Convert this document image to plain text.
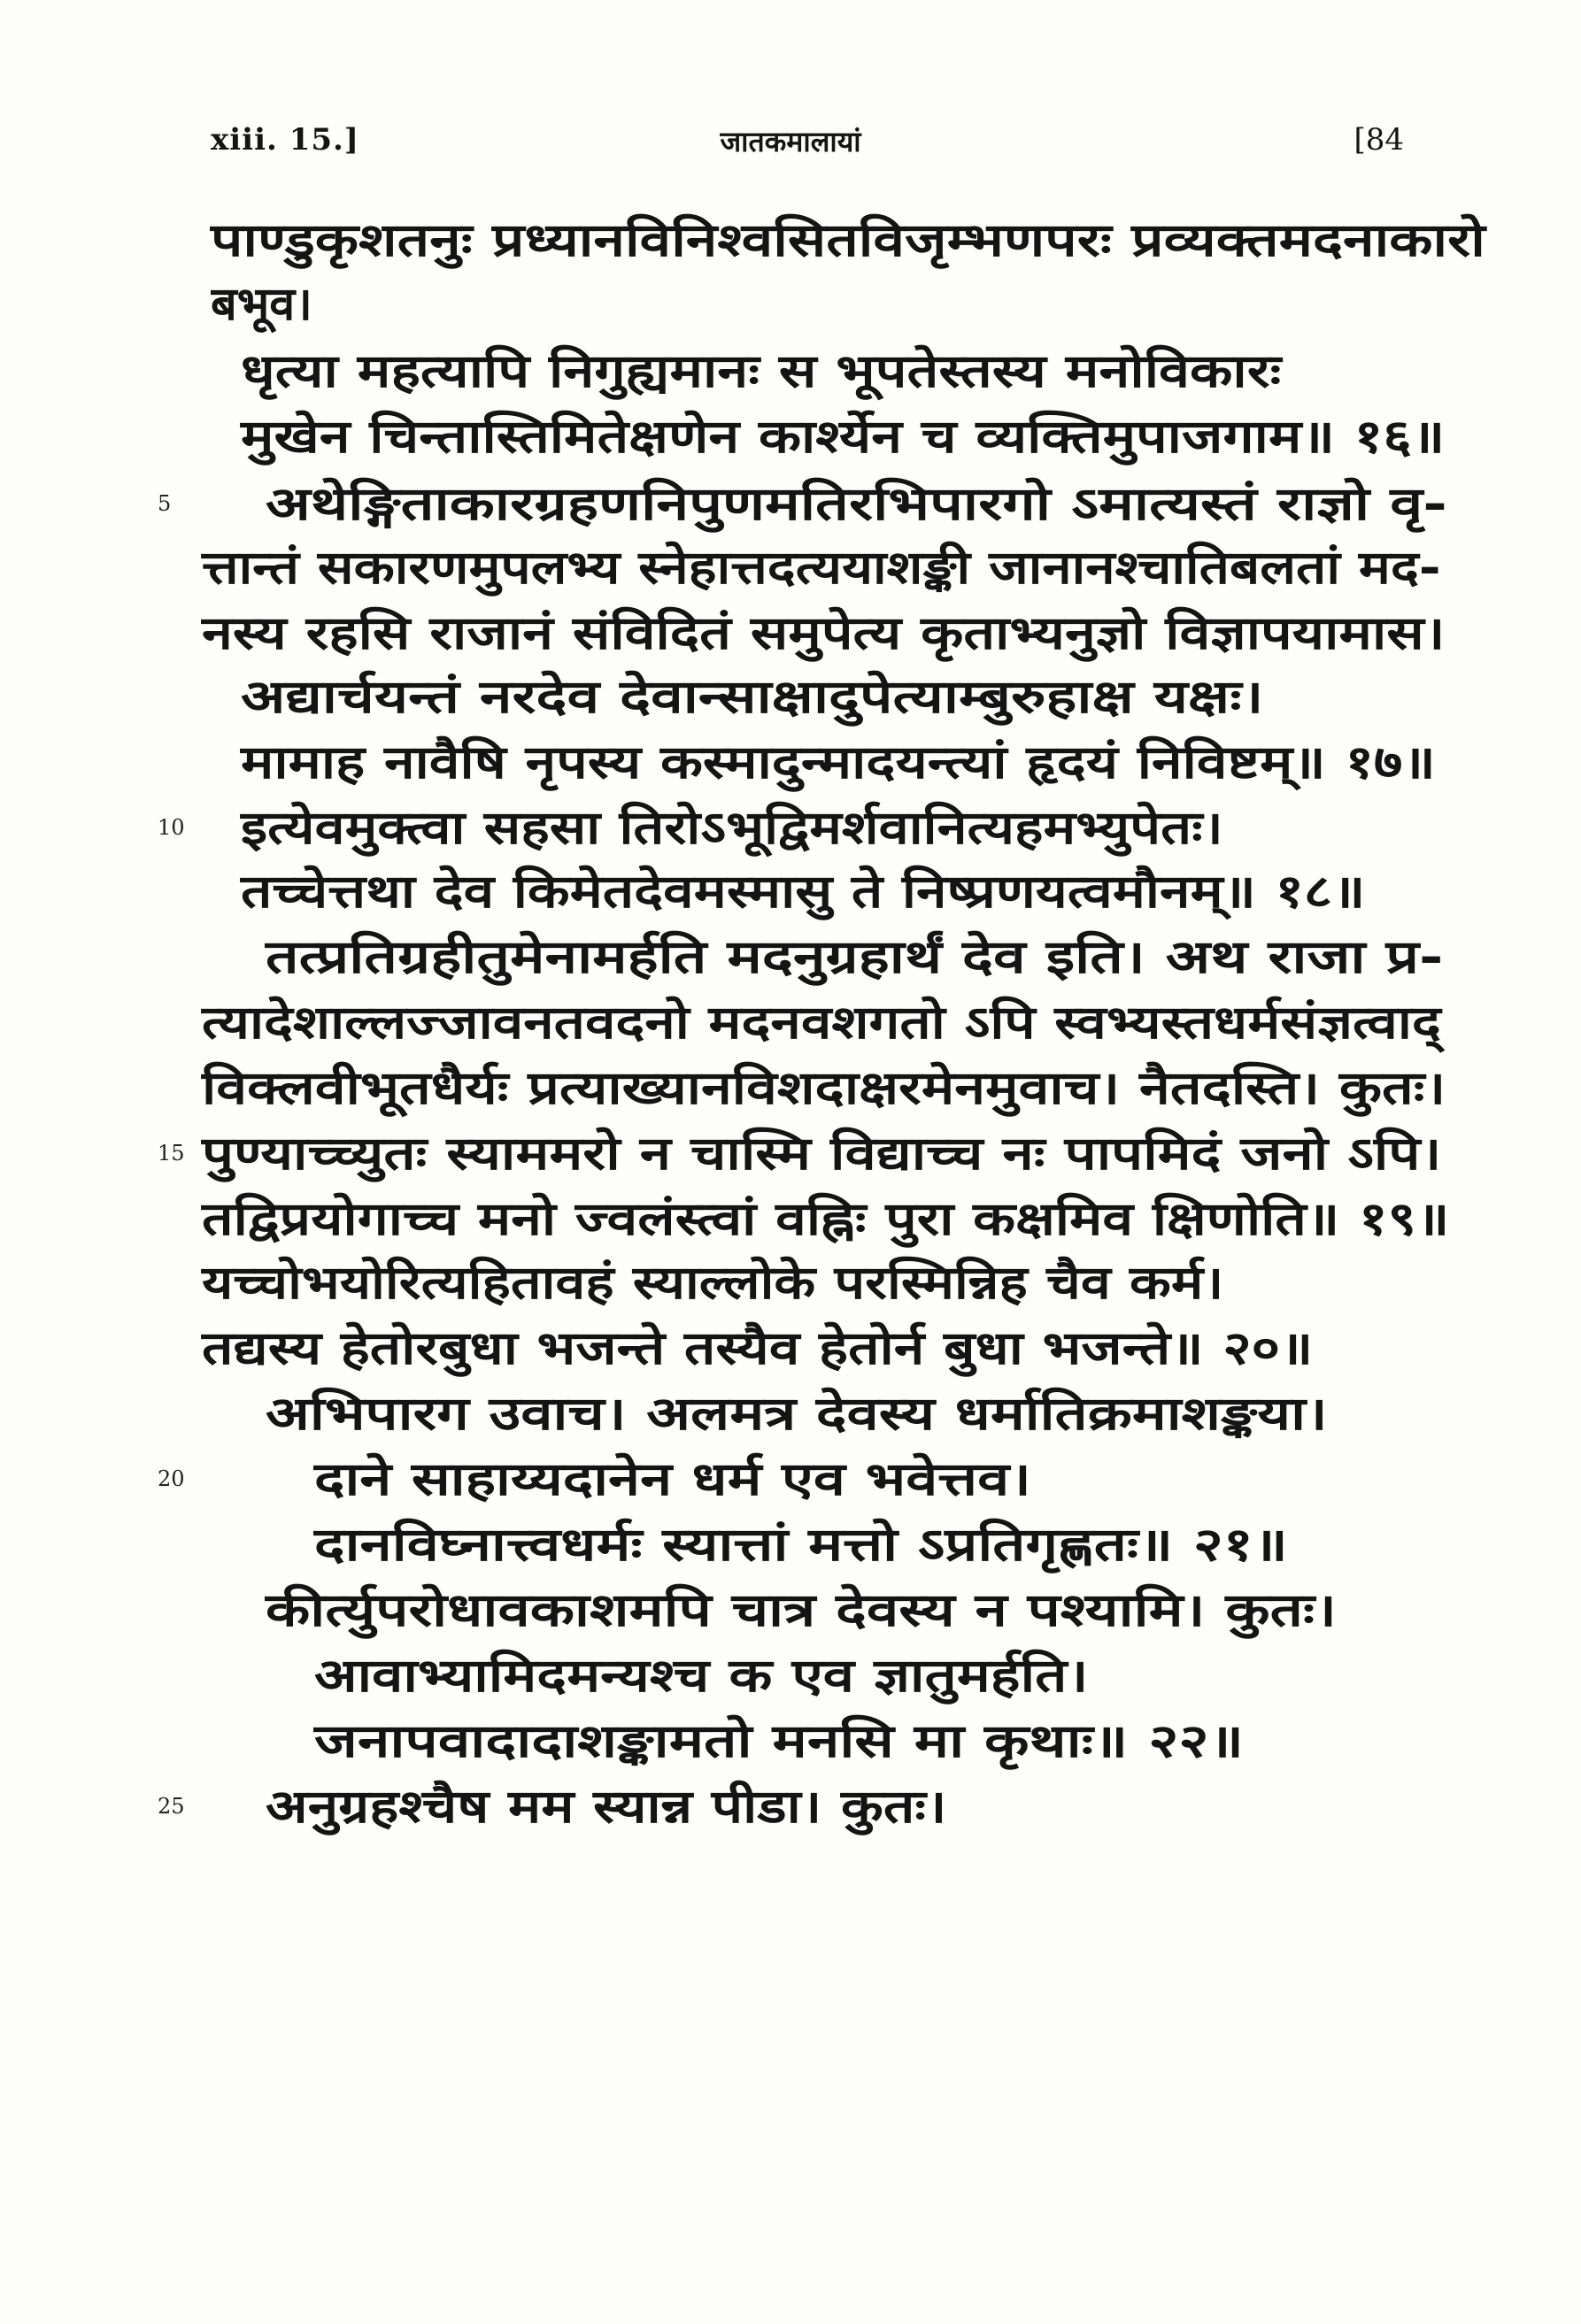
xiii. 15.]	जातकमालायां	[84
पाण्डुकृशतनुः प्रध्यानविनिश्वसितविजृम्भणपरः प्रव्यक्तमदनाकारो
बभूव।
धृत्या महत्यापि निगुह्यमानः स भूपतेस्तस्य मनोविकारः
मुखेन चिन्तास्तिमितेक्षणेन कार्श्येन च व्यक्तिमुपाजगाम॥ १६॥
अथेङ्गिताकारग्रहणनिपुणमतिरभिपारगो ऽमात्यस्तं राज्ञो वृ-
त्तान्तं सकारणमुपलभ्य स्नेहात्तदत्ययाशङ्की जानानश्चातिबलतां मद-
नस्य रहसि राजानं संविदितं समुपेत्य कृताभ्यनुज्ञो विज्ञापयामास।
अद्यार्चयन्तं नरदेव देवान्साक्षादुपेत्याम्बुरुहाक्ष यक्षः।
मामाह नावैषि नृपस्य कस्मादुन्मादयन्त्यां हृदयं निविष्टम्॥ १७॥
इत्येवमुक्त्वा सहसा तिरोऽभूद्विमर्शवानित्यहमभ्युपेतः।
तच्चेत्तथा देव किमेतदेवमस्मासु ते निष्प्रणयत्वमौनम्॥ १८॥
तत्प्रतिग्रहीतुमेनामर्हति मदनुग्रहार्थं देव इति। अथ राजा प्र-
त्यादेशाल्लज्जावनतवदनो मदनवशगतो ऽपि स्वभ्यस्तधर्मसंज्ञत्वाद्
विक्लवीभूतधैर्यः प्रत्याख्यानविशदाक्षरमेनमुवाच। नैतदस्ति। कुतः।
पुण्याच्च्युतः स्याममरो न चास्मि विद्याच्च नः पापमिदं जनो ऽपि।
तद्विप्रयोगाच्च मनो ज्वलंस्त्वां वह्निः पुरा कक्षमिव क्षिणोति॥ १९॥
यच्चोभयोरित्यहितावहं स्याल्लोके परस्मिन्निह चैव कर्म।
तद्यस्य हेतोरबुधा भजन्ते तस्यैव हेतोर्न बुधा भजन्ते॥ २०॥
अभिपारग उवाच। अलमत्र देवस्य धर्मातिक्रमाशङ्कया।
दाने साहाय्यदानेन धर्म एव भवेत्तव।
दानविघ्नात्त्वधर्मः स्यात्तां मत्तो ऽप्रतिगृह्णतः॥ २१॥
कीर्त्युपरोधावकाशमपि चात्र देवस्य न पश्यामि। कुतः।
आवाभ्यामिदमन्यश्च क एव ज्ञातुमर्हति।
जनापवादादाशङ्कामतो मनसि मा कृथाः॥ २२॥
अनुग्रहश्चैष मम स्यान्न पीडा। कुतः।
5
10
15
20
25
